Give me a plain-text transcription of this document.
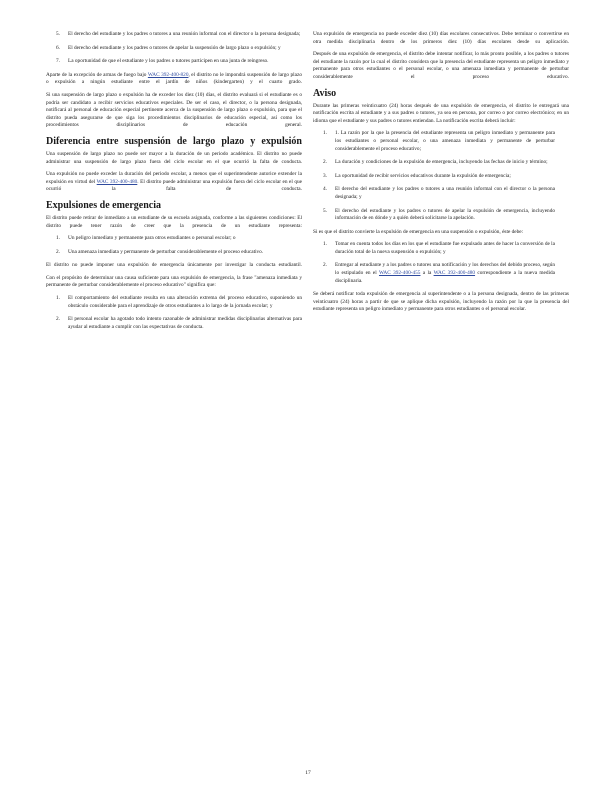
5.	El derecho del estudiante y los padres o tutores a una reunión informal con el director o la persona designada;
6.	El derecho del estudiante y los padres o tutores de apelar la suspensión de largo plazo o expulsión; y
7.	La oportunidad de que el estudiante y los padres o tutores participen en una junta de reingreso.

Aparte de la excepción de armas de fuego bajo WAC 392-400-820, el distrito no le impondrá suspensión de largo plazo o expulsión a ningún estudiante entre el jardín de niños (kindergarten) y el cuarto grado.

Si una suspensión de largo plazo o expulsión ha de exceder los diez (10) días, el distrito evaluará si el estudiante es o podría ser candidato a recibir servicios educativos especiales. De ser el caso, el director, o la persona designada, notificará al personal de educación especial pertinente acerca de la suspensión de largo plazo o expulsión, para que el distrito pueda asegurarse de que siga los procedimientos disciplinarios de educación especial, así como los procedimientos disciplinarios de educación general.

Diferencia entre suspensión de largo plazo y expulsión

Una suspensión de largo plazo no puede ser mayor a la duración de un periodo académico. El distrito no puede administrar una suspensión de largo plazo fuera del ciclo escolar en el que ocurrió la falta de conducta.

Una expulsión no puede exceder la duración del periodo escolar, a menos que el superintendente autorice extender la expulsión en virtud del WAC 392-400-480. El distrito puede administrar una expulsión fuera del ciclo escolar en el que ocurrió la falta de conducta.

Expulsiones de emergencia

El distrito puede retirar de inmediato a un estudiante de su escuela asignada, conforme a las siguientes condiciones: El distrito puede tener razón de creer que la presencia de un estudiante representa:

1.	Un peligro inmediato y permanente para otros estudiantes o personal escolar; o
2.	Una amenaza inmediata y permanente de perturbar considerablemente el proceso educativo.

El distrito no puede imponer una expulsión de emergencia únicamente por investigar la conducta estudiantil.

Con el propósito de determinar una causa suficiente para una expulsión de emergencia, la frase "amenaza inmediata y permanente de perturbar considerablemente el proceso educativo" significa que:

1.	El comportamiento del estudiante resulta en una alteración extrema del proceso educativo, suponiendo un obstáculo considerable para el aprendizaje de otros estudiantes a lo largo de la jornada escolar; y
2.	El personal escolar ha agotado todo intento razonable de administrar medidas disciplinarias alternativas para ayudar al estudiante a cumplir con las expectativas de conducta.

Una expulsión de emergencia no puede exceder diez (10) días escolares consecutivos. Debe terminar o convertirse en otra medida disciplinaria dentro de los primeros diez (10) días escolares desde su aplicación.

Después de una expulsión de emergencia, el distrito debe intentar notificar, lo más pronto posible, a los padres o tutores del estudiante la razón por la cual el distrito considera que la presencia del estudiante representa un peligro inmediato y permanente para otros estudiantes o el personal escolar, o una amenaza inmediata y permanente de perturbar considerablemente el proceso educativo.

Aviso

Durante las primeras veinticuatro (24) horas después de una expulsión de emergencia, el distrito le entregará una notificación escrita al estudiante y a sus padres o tutores, ya sea en persona, por correo o por correo electrónico; en un idioma que el estudiante y sus padres o tutores entiendan. La notificación escrita deberá incluir:

1.	1. La razón por la que la presencia del estudiante representa un peligro inmediato y permanente para los estudiantes o personal escolar, o una amenaza inmediata y permanente de perturbar considerablemente el proceso educativo;
2.	La duración y condiciones de la expulsión de emergencia, incluyendo las fechas de inicio y término;
3.	La oportunidad de recibir servicios educativos durante la expulsión de emergencia;
4.	El derecho del estudiante y los padres o tutores a una reunión informal con el director o la persona designada; y
5.	El derecho del estudiante y los padres o tutores de apelar la expulsión de emergencia, incluyendo información de en dónde y a quién deberá solicitarse la apelación.

Si es que el distrito convierte la expulsión de emergencia en una suspensión o expulsión, éste debe:

1.	Tomar en cuenta todos los días en los que el estudiante fue expulsado antes de hacer la conversión de la duración total de la nueva suspensión o expulsión; y
2.	Entregar al estudiante y a los padres o tutores una notificación y los derechos del debido proceso, según lo estipulado en el WAC 392-400-455 a la WAC 392-400-480 correspondiente a la nueva medida disciplinaria.

Se deberá notificar toda expulsión de emergencia al superintendente o a la persona designada, dentro de las primeras veinticuatro (24) horas a partir de que se aplique dicha expulsión, incluyendo la razón por la que la presencia del estudiante representa un peligro inmediato y permanente para otros estudiantes o el personal escolar.

17
